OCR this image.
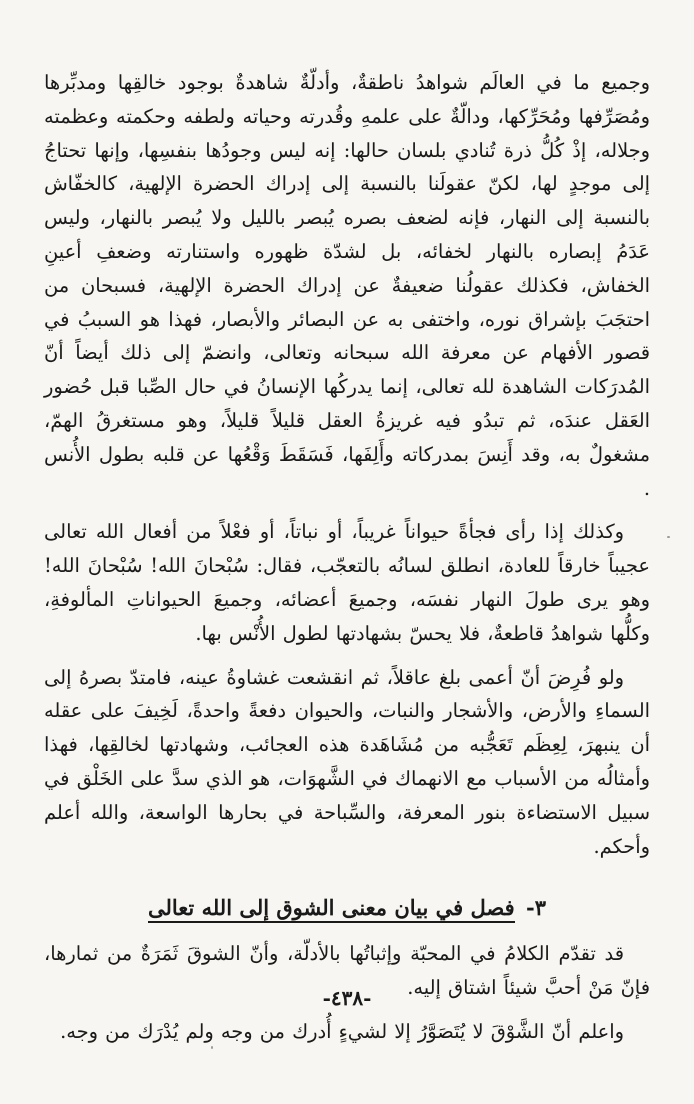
وجميع ما في العالَم شواهدُ ناطقةٌ، وأدلّةٌ شاهدةٌ بوجود خالقِها ومدبِّرها ومُصَرِّفها ومُحَرِّكها، ودالّةٌ على علمهِ وقُدرته وحياته ولطفه وحكمته وعظمته وجلاله، إذْ كُلُّ ذرة تُنادي بلسان حالها: إنه ليس وجودُها بنفسِها، وإنها تحتاجُ إلى موجدٍ لها، لكنّ عقولَنا بالنسبة إلى إدراك الحضرة الإلهية، كالخفّاش بالنسبة إلى النهار، فإنه لضعف بصره يُبصر بالليل ولا يُبصر بالنهار، وليس عَدَمُ إبصاره بالنهار لخفائه، بل لشدّة ظهوره واستنارته وضعفِ أعينِ الخفاش، فكذلك عقولُنا ضعيفةٌ عن إدراك الحضرة الإلهية، فسبحان من احتجَبَ بإشراق نوره، واختفى به عن البصائر والأبصار، فهذا هو السببُ في قصور الأفهام عن معرفة الله سبحانه وتعالى، وانضمّ إلى ذلك أيضاً أنّ المُدرَكات الشاهدة لله تعالى، إنما يدركُها الإنسانُ في حال الصِّبا قبل حُضور العَقل عندَه، ثم تبدُو فيه غريزةُ العقل قليلاً قليلاً، وهو مستغرقُ الهمّ، مشغولٌ به، وقد أَنِسَ بمدركاته وأَلِفَها، فَسَقَطَ وَقْعُها عن قلبه بطول الأُنس .

وكذلك إذا رأى فجأةً حيواناً غريباً، أو نباتاً، أو فعْلاً من أفعال الله تعالى عجيباً خارقاً للعادة، انطلق لسانُه بالتعجّب، فقال: سُبْحانَ الله! سُبْحانَ الله! وهو يرى طولَ النهار نفسَه، وجميعَ أعضائه، وجميعَ الحيواناتِ المألوفةِ، وكلُّها شواهدُ قاطعةٌ، فلا يحسّ بشهادتها لطول الأُنْس بها.

ولو فُرِضَ أنّ أعمى بلغ عاقلاً، ثم انقشعت غشاوةُ عينه، فامتدّ بصرهُ إلى السماءِ والأرض، والأشجار والنبات، والحيوان دفعةً واحدةً، لَخِيفَ على عقله أن ينبهرَ، لِعِظَم تَعَجُّبه من مُشَاهَدة هذه العجائب، وشهادتها لخالقِها، فهذا وأمثالُه من الأسباب مع الانهماك في الشَّهوَات، هو الذي سدَّ على الخَلْق في سبيل الاستضاءة بنور المعرفة، والسِّباحة في بحارها الواسعة، والله أعلم وأحكم.

٣- فصل في بيان معنى الشوق إلى الله تعالى

قد تقدّم الكلامُ في المحبّة وإثباتُها بالأدلّة، وأنّ الشوقَ ثَمَرَةٌ من ثمارها، فإنّ مَنْ أحبَّ شيئاً اشتاق إليه.

واعلم أنّ الشَّوْقَ لا يُتَصَوَّرُ إلا لشيءٍ أُدرك من وجه ولم يُدْرَك من وجه.

-٤٣٨-
